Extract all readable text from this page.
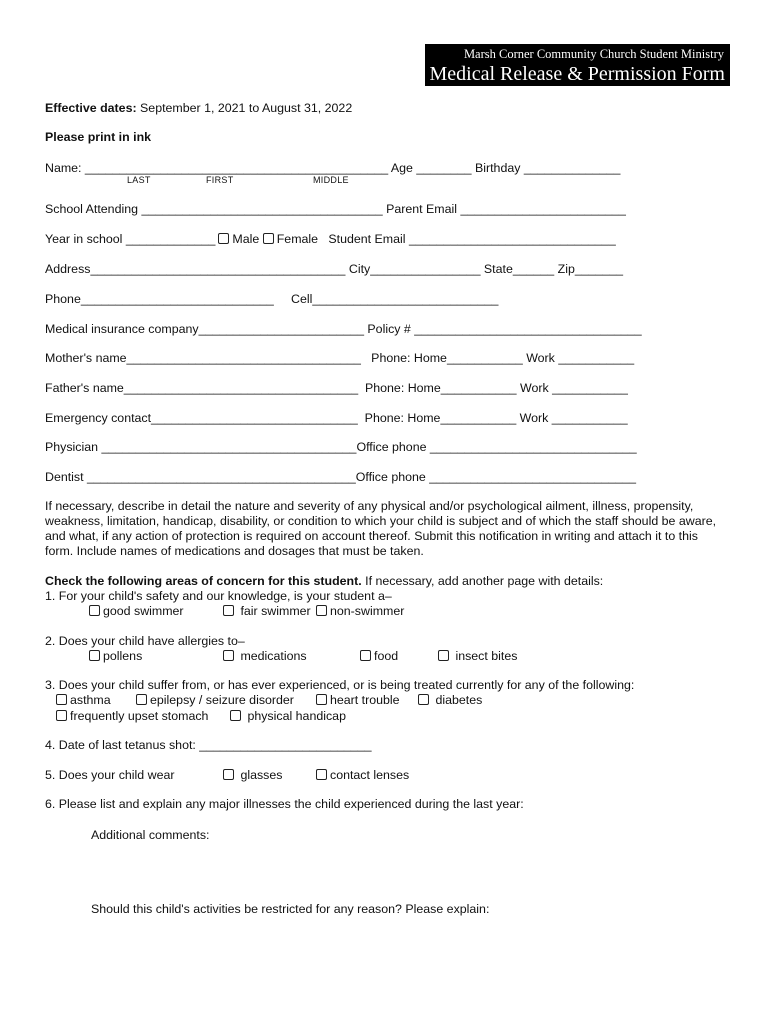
Marsh Corner Community Church Student Ministry
Medical Release & Permission Form
Effective dates: September 1, 2021 to August 31, 2022
Please print in ink
Name: ____________________________________________ Age ________ Birthday ______________
LAST	FIRST	MIDDLE
School Attending ___________________________________ Parent Email ________________________
Year in school _____________ Male Female Student Email ______________________________
Address_____________________________________ City________________ State______ Zip_______
Phone____________________________     Cell___________________________
Medical insurance company________________________ Policy # _________________________________
Mother's name__________________________________   Phone: Home___________ Work ___________
Father's name__________________________________  Phone: Home___________ Work ___________
Emergency contact______________________________  Phone: Home___________ Work ___________
Physician _____________________________________Office phone ______________________________
Dentist _______________________________________Office phone ______________________________
If necessary, describe in detail the nature and severity of any physical and/or psychological ailment, illness, propensity, weakness, limitation, handicap, disability, or condition to which your child is subject and of which the staff should be aware, and what, if any action of protection is required on account thereof. Submit this notification in writing and attach it to this form. Include names of medications and dosages that must be taken.
Check the following areas of concern for this student. If necessary, add another page with details:
1. For your child's safety and our knowledge, is your student a–
good swimmer	fair swimmer	non-swimmer
2. Does your child have allergies to–
pollens	medications	food	insect bites
3. Does your child suffer from, or has ever experienced, or is being treated currently for any of the following:
asthma	epilepsy / seizure disorder	heart trouble	diabetes
frequently upset stomach	physical handicap
4. Date of last tetanus shot: _________________________
5. Does your child wear	glasses	contact lenses
6. Please list and explain any major illnesses the child experienced during the last year:
Additional comments:
Should this child's activities be restricted for any reason? Please explain:
